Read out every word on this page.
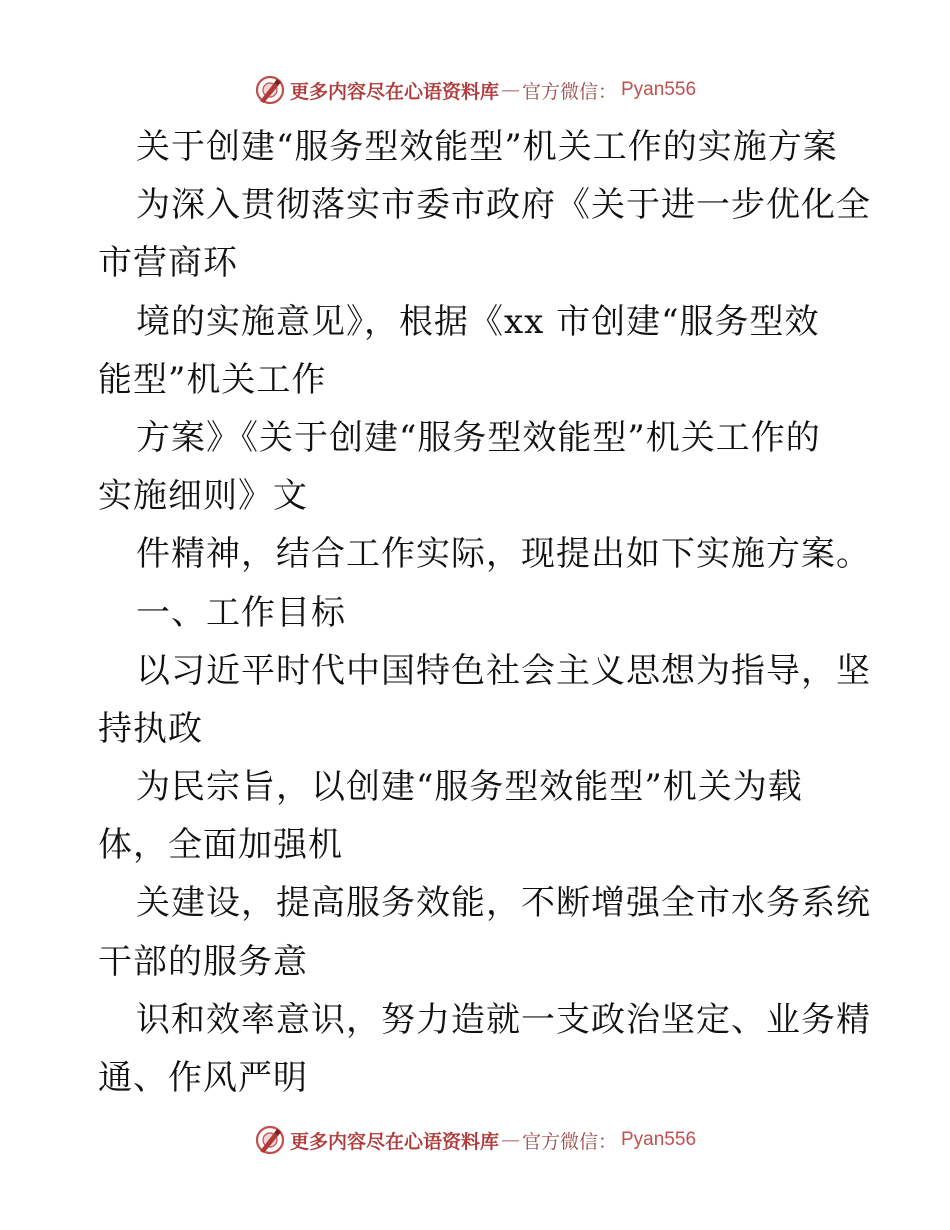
更多内容尽在心语资料库 — 官方微信： Pyan556
关于创建“服务型效能型”机关工作的实施方案
为深入贯彻落实市委市政府《关于进一步优化全
市营商环
境的实施意见》，根据《xx 市创建“服务型效
能型”机关工作
方案》《关于创建“服务型效能型”机关工作的
实施细则》文
件精神，结合工作实际，现提出如下实施方案。
一、工作目标
以习近平时代中国特色社会主义思想为指导，坚
持执政
为民宗旨，以创建“服务型效能型”机关为载
体，全面加强机
关建设，提高服务效能，不断增强全市水务系统
干部的服务意
识和效率意识，努力造就一支政治坚定、业务精
通、作风严明
更多内容尽在心语资料库 — 官方微信： Pyan556
